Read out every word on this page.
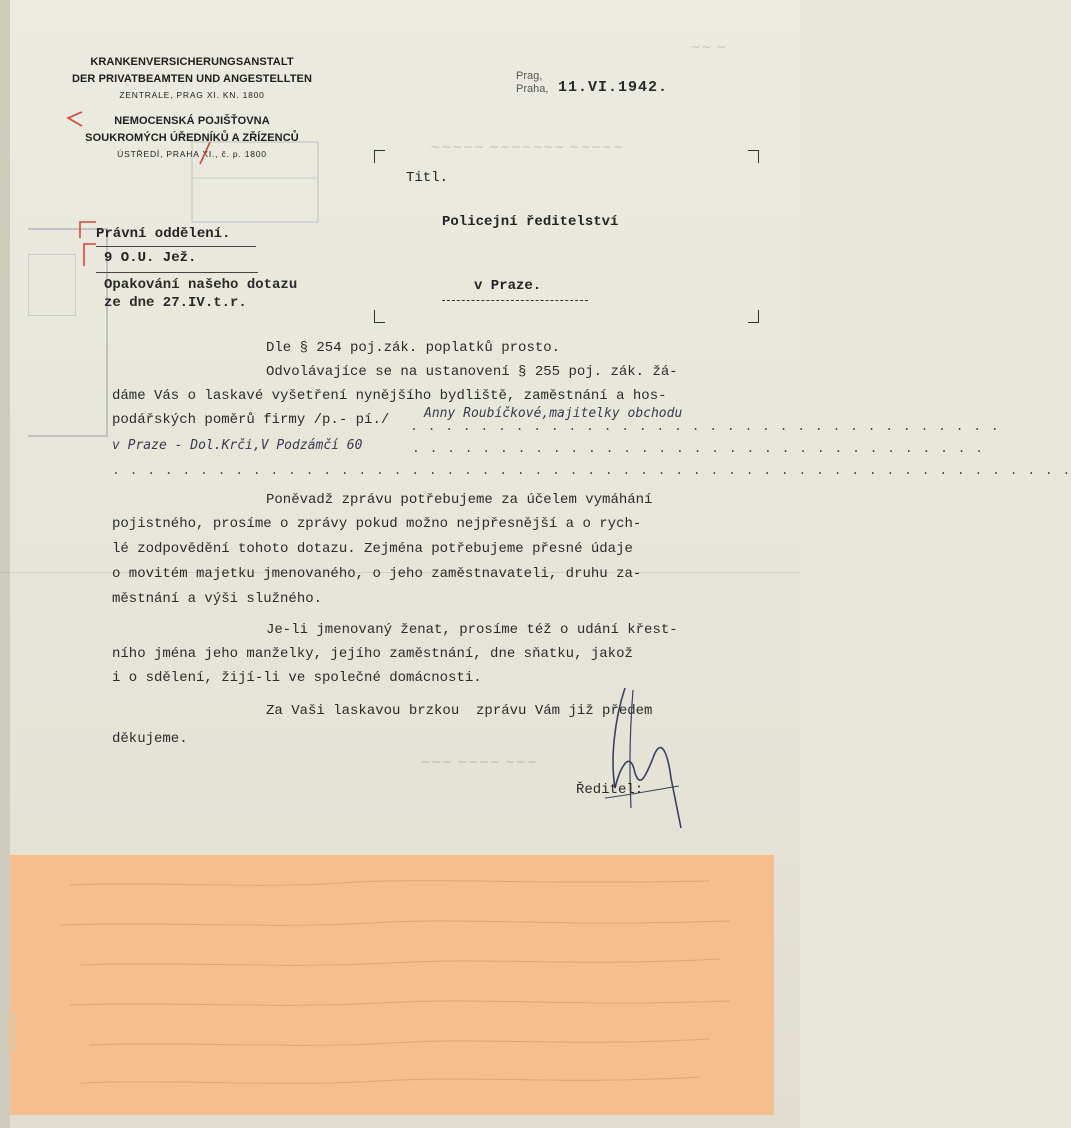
KRANKENVERSICHERUNGSANSTALT
DER PRIVATBEAMTEN UND ANGESTELLTEN
ZENTRALE, PRAG XI. KN. 1800
NEMOCENSKÁ POJIŠŤOVNA
SOUKROMÝCH ÚŘEDNÍKŮ A ZŘÍZENCŮ
ÚSTŘEDÍ, PRAHA XI., č. p. 1800
Prag,
Praha, 11.VI.1942.
~~ ~
~~~~~ ~~~~~~~ ~~~~~
~~~ ~~~~ ~~~
Právní oddělení.
9 O.U. Jež.
Opakování našeho dotazu
ze dne 27.IV.t.r.
Titl.
Policejní ředitelství
v Praze.
Dle § 254 poj.zák. poplatků prosto.
Odvolávajíce se na ustanovení § 255 poj. zák. žá-
dáme Vás o laskavé vyšetření nynějšího bydliště, zaměstnání a hos-
podářských poměrů firmy /p.- pí./ . . . . . . . . . . . . . . . . . . . . . . . . . . . . . . . . . .
Anny Roubíčkové,majitelky obchodu
v Praze - Dol.Krči,V Podzámčí 60	. . . . . . . . . . . . . . . . . . . . . . . . . . . . . . . . .
. . . . . . . . . . . . . . . . . . . . . . . . . . . . . . . . . . . . . . . . . . . . . . . . . . . . . . .
Poněvadž zprávu potřebujeme za účelem vymáhání
pojistného, prosíme o zprávy pokud možno nejpřesnější a o rych-
lé zodpovědění tohoto dotazu. Zejména potřebujeme přesné údaje
o movitém majetku jmenovaného, o jeho zaměstnavateli, druhu za-
městnání a výši služného.
Je-li jmenovaný ženat, prosíme též o udání křest-
ního jména jeho manželky, jejího zaměstnání, dne sňatku, jakož
i o sdělení, žijí-li ve společné domácnosti.
Za Vaši laskavou brzkou  zprávu Vám již předem
děkujeme.
Ředitel:
